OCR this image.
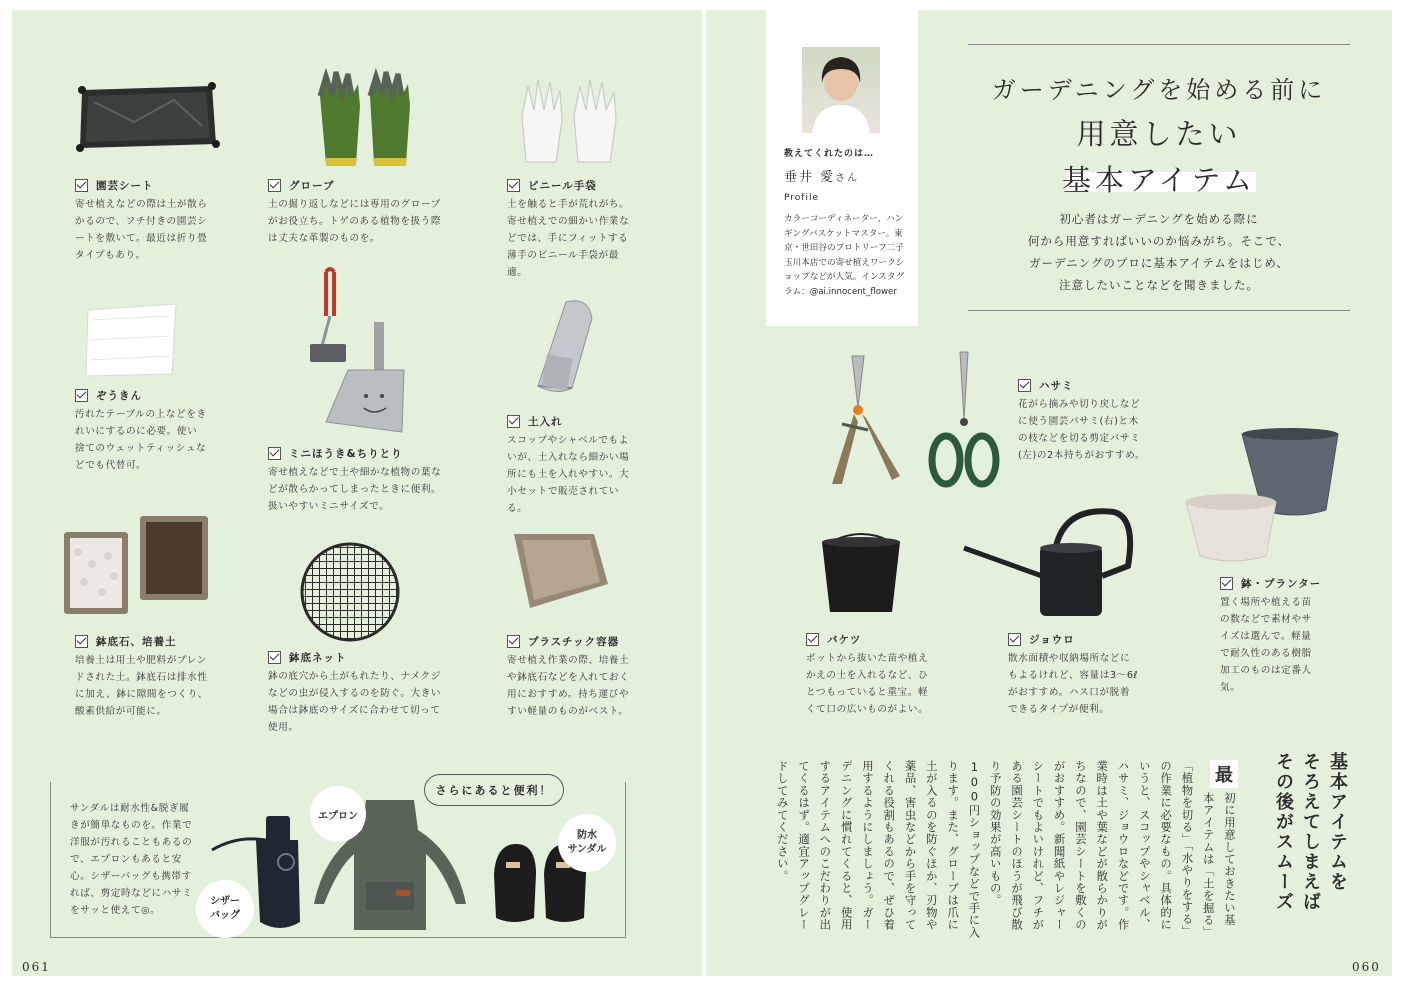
園芸シート
寄せ植えなどの際は土が散らかるので、フチ付きの園芸シートを敷いて。最近は折り畳タイプもあり。
グローブ
土の掘り返しなどには専用のグローブがお役立ち。トゲのある植物を扱う際は丈夫な革製のものを。
ビニール手袋
土を触ると手が荒れがち。寄せ植えでの細かい作業などでは、手にフィットする薄手のビニール手袋が最適。
ぞうきん
汚れたテーブルの上などをきれいにするのに必要。使い捨てのウェットティッシュなどでも代替可。
ミニほうき&ちりとり
寄せ植えなどで土や細かな植物の葉などが散らかってしまったときに便利。扱いやすいミニサイズで。
土入れ
スコップやシャベルでもよいが、土入れなら細かい場所にも土を入れやすい。大小セットで販売されている。
鉢底石、培養土
培養土は用土や肥料がブレンドされた土。鉢底石は排水性に加え、鉢に隙間をつくり、酸素供給が可能に。
鉢底ネット
鉢の底穴から土がもれたり、ナメクジなどの虫が侵入するのを防ぐ。大きい場合は鉢底のサイズに合わせて切って使用。
プラスチック容器
寄せ植え作業の際、培養土や鉢底石などを入れておく用におすすめ。持ち運びやすい軽量のものがベスト。
さらにあると便利！
サンダルは耐水性&脱ぎ履きが簡単なものを。作業で洋服が汚れることもあるので、エプロンもあると安心。シザーバッグも携帯すれば、剪定時などにハサミをサッと使えて◎。
シザー
バッグ
エプロン
防水
サンダル
061
教えてくれたのは…
垂井 愛さん
Profile
カラーコーディネーター、ハンギングバスケットマスター。東京・世田谷のプロトリーフ二子玉川本店での寄せ植えワークショップなどが人気。インスタグラム：@ai.innocent_flower
ガーデニングを始める前に
用意したい
基本アイテム
初心者はガーデニングを始める際に
何から用意すればいいのか悩みがち。そこで、
ガーデニングのプロに基本アイテムをはじめ、
注意したいことなどを聞きました。
ハサミ
花がら摘みや切り戻しなどに使う園芸バサミ(右)と木の枝などを切る剪定バサミ(左)の2本持ちがおすすめ。
鉢・プランター
置く場所や植える苗の数などで素材やサイズは選んで。軽量で耐久性のある樹脂加工のものは定番人気。
バケツ
ポットから抜いた苗や植えかえの土を入れるなど、ひとつもっていると重宝。軽くて口の広いものがよい。
ジョウロ
散水面積や収納場所などにもよるけれど、容量は3〜6ℓがおすすめ。ハス口が脱着できるタイプが便利。
基本アイテムを
そろえてしまえば
その後がスムーズ
最
初に用意しておきたい基
本アイテムは「土を掘る」
「植物を切る」「水やりをする」
の作業に必要なもの。具体的に
いうと、スコップやシャベル、
ハサミ、ジョウロなどです。作
業時は土や葉などが散らかりが
ちなので、園芸シートを敷くの
がおすすめ。新聞紙やレジャー
シートでもよいけれど、フチが
ある園芸シートのほうが飛び散
り予防の効果が高いもの。
100円ショップなどで手に入
ります。また、グローブは爪に
土が入るのを防ぐほか、刃物や
薬品、害虫などから手を守って
くれる役割もあるので、ぜひ着
用するようにしましょう。ガー
デニングに慣れてくると、使用
するアイテムへのこだわりが出
てくるはず。適宜アップグレー
ドしてみてください。
060
